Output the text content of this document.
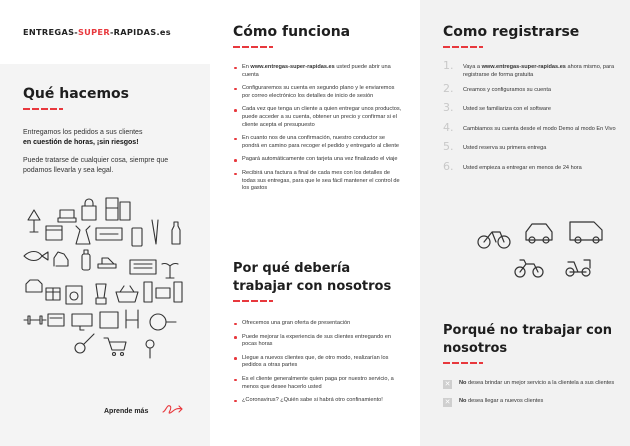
ENTREGAS-SUPER-RAPIDAS.es
Qué hacemos

Entregamos los pedidos a sus clientes
en cuestión de horas, ¡sin riesgos!

Puede tratarse de cualquier cosa, siempre que podamos llevarla y sea legal.

Aprende más
Cómo funciona
En www.entregas-super-rapidas.es usted puede abrir una cuenta
Configuraremos su cuenta en segundo plano y le enviaremos por correo electrónico los detalles de inicio de sesión
Cada vez que tenga un cliente a quien entregar unos productos, puede acceder a su cuenta, obtener un precio y confirmar si el cliente acepta el presupuesto
En cuanto nos de una confirmación, nuestro conductor se pondrá en camino para recoger el pedido y entregarlo al cliente
Pagará automáticamente con tarjeta una vez finalizado el viaje
Recibirá una factura a final de cada mes con los detalles de todas sus entregas, para que le sea fácil mantener el control de los gastos
Por qué debería trabajar con nosotros
Ofrecemos una gran oferta de presentación
Puede mejorar la experiencia de sus clientes entregando en pocas horas
Llegue a nuevos clientes que, de otro modo, realizarían los pedidos a otras partes
Es el cliente generalmente quien paga por nuestro servicio, a menos que desee hacerlo usted
¿Coronavirus? ¿Quién sabe si habrá otro confinamiento!
Como registrarse
1. Vaya a www.entregas-super-rapidas.es ahora mismo, para registrarse de forma gratuita
2. Creamos y configuramos su cuenta
3. Usted se familiariza con el software
4. Cambiamos su cuenta desde el modo Demo al modo En Vivo
5. Usted reserva su primera entrega
6. Usted empieza a entregar en menos de 24 hora
Porqué no trabajar con nosotros
✕ No desea brindar un mejor servicio a la clientela a sus clientes
✕ No desea llegar a nuevos clientes
